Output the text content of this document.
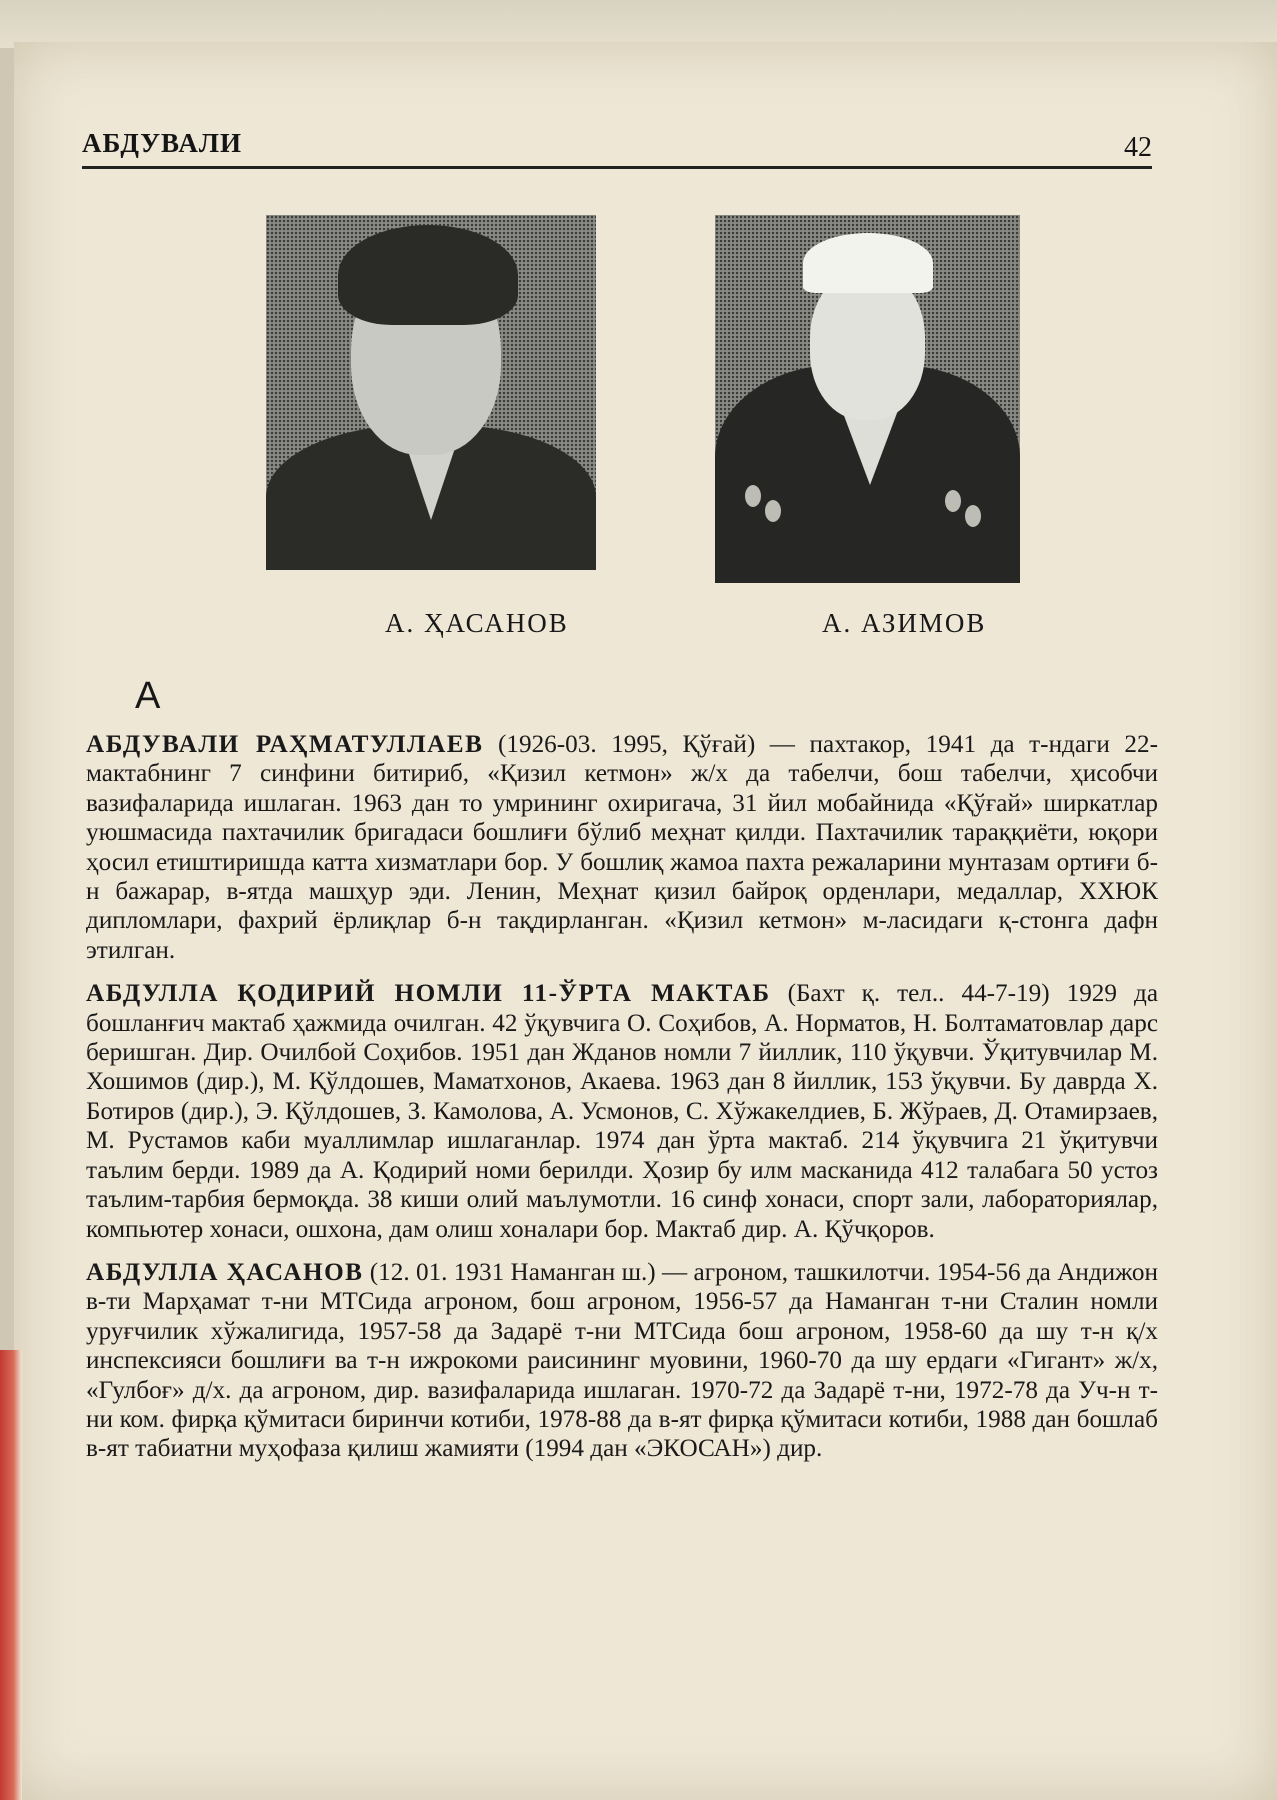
АБДУВАЛИ	42
А. ҲАСАНОВ	А. АЗИМОВ
А

АБДУВАЛИ РАҲМАТУЛЛАЕВ (1926-03. 1995, Қўғай) — пахтакор, 1941 да т-ндаги 22-мактабнинг 7 синфини битириб, «Қизил кетмон» ж/х да табелчи, бош табелчи, ҳисобчи вазифаларида ишлаган. 1963 дан то умрининг охиригача, 31 йил мобайнида «Қўғай» ширкатлар уюшмасида пахтачилик бригадаси бошлиғи бўлиб меҳнат қилди. Пахтачилик тараққиёти, юқори ҳосил етиштиришда катта хизматлари бор. У бошлиқ жамоа пахта режаларини мунтазам ортиғи б-н бажарар, в-ятда машҳур эди. Ленин, Меҳнат қизил байроқ орденлари, медаллар, ХХЮК дипломлари, фахрий ёрлиқлар б-н тақдирланган. «Қизил кетмон» м-ласидаги қ-стонга дафн этилган.

АБДУЛЛА ҚОДИРИЙ НОМЛИ 11-ЎРТА МАКТАБ (Бахт қ. тел.. 44-7-19) 1929 да бошланғич мактаб ҳажмида очилган. 42 ўқувчига О. Соҳибов, А. Норматов, Н. Болтаматовлар дарс беришган. Дир. Очилбой Соҳибов. 1951 дан Жданов номли 7 йиллик, 110 ўқувчи. Ўқитувчилар М. Хошимов (дир.), М. Қўлдошев, Маматхонов, Акаева. 1963 дан 8 йиллик, 153 ўқувчи. Бу даврда Х. Ботиров (дир.), Э. Қўлдошев, З. Камолова, А. Усмонов, С. Хўжакелдиев, Б. Жўраев, Д. Отамирзаев, М. Рустамов каби муаллимлар ишлаганлар. 1974 дан ўрта мактаб. 214 ўқувчига 21 ўқитувчи таълим берди. 1989 да А. Қодирий номи берилди. Ҳозир бу илм масканида 412 талабага 50 устоз таълим-тарбия бермоқда. 38 киши олий маълумотли. 16 синф хонаси, спорт зали, лабораториялар, компьютер хонаси, ошхона, дам олиш хоналари бор. Мактаб дир. А. Қўчқоров.

АБДУЛЛА ҲАСАНОВ (12. 01. 1931 Наманган ш.) — агроном, ташкилотчи. 1954-56 да Андижон в-ти Марҳамат т-ни МТСида агроном, бош агроном, 1956-57 да Наманган т-ни Сталин номли уруғчилик хўжалигида, 1957-58 да Задарё т-ни МТСида бош агроном, 1958-60 да шу т-н қ/х инспексияси бошлиғи ва т-н ижрокоми раисининг муовини, 1960-70 да шу ердаги «Гигант» ж/х, «Гулбоғ» д/х. да агроном, дир. вазифаларида ишлаган. 1970-72 да Задарё т-ни, 1972-78 да Уч-н т-ни ком. фирқа қўмитаси биринчи котиби, 1978-88 да в-ят фирқа қўмитаси котиби, 1988 дан бошлаб в-ят табиатни муҳофаза қилиш жамияти (1994 дан «ЭКОСАН») дир.
